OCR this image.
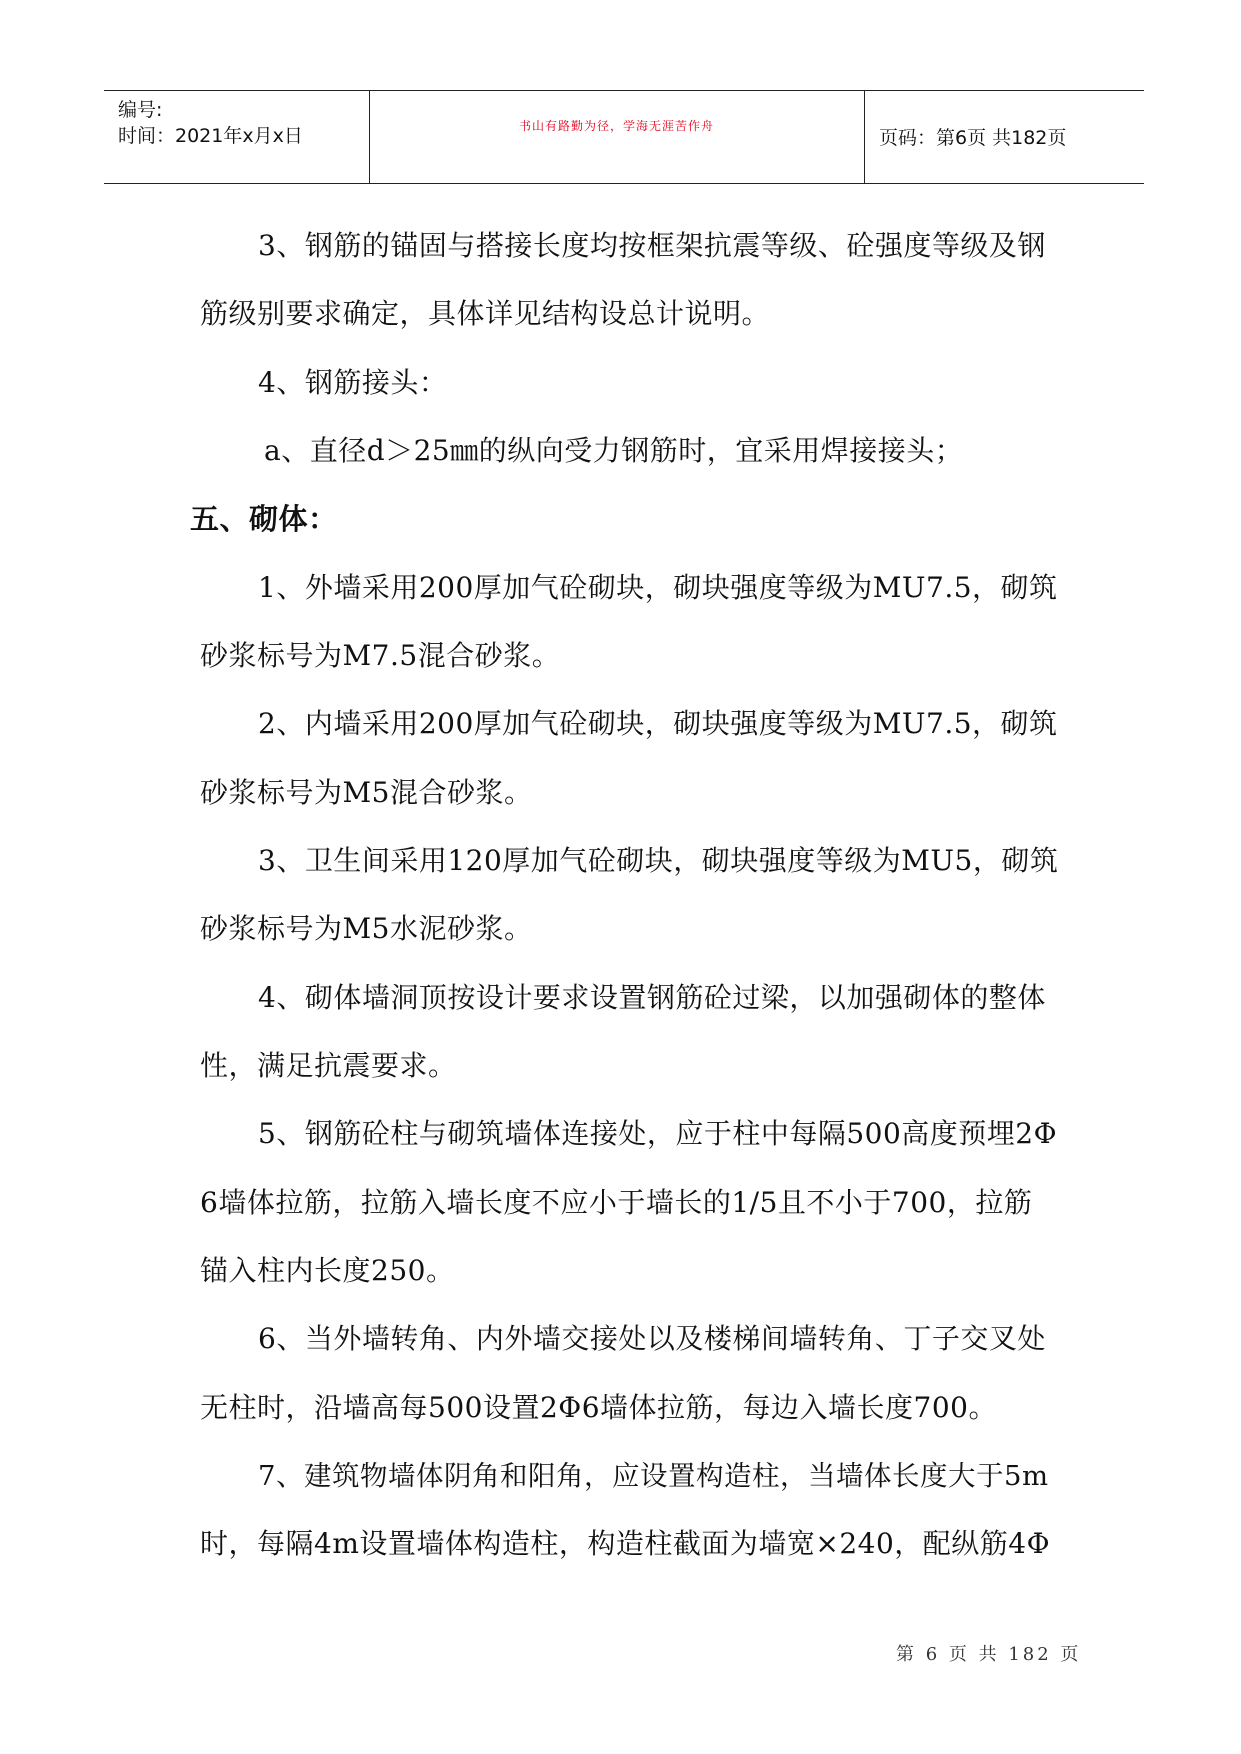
编号:
时间：2021年x月x日	书山有路勤为径，学海无涯苦作舟
页码：第6页 共182页
3、钢筋的锚固与搭接长度均按框架抗震等级、砼强度等级及钢
筋级别要求确定，具体详见结构设总计说明。
4、钢筋接头：
a、直径d＞25㎜的纵向受力钢筋时，宜采用焊接接头；
五、砌体：
1、外墙采用200厚加气砼砌块，砌块强度等级为MU7.5，砌筑
砂浆标号为M7.5混合砂浆。
2、内墙采用200厚加气砼砌块，砌块强度等级为MU7.5，砌筑
砂浆标号为M5混合砂浆。
3、卫生间采用120厚加气砼砌块，砌块强度等级为MU5，砌筑
砂浆标号为M5水泥砂浆。
4、砌体墙洞顶按设计要求设置钢筋砼过梁，以加强砌体的整体
性，满足抗震要求。
5、钢筋砼柱与砌筑墙体连接处，应于柱中每隔500高度预埋2Φ
6墙体拉筋，拉筋入墙长度不应小于墙长的1/5且不小于700，拉筋
锚入柱内长度250。
6、当外墙转角、内外墙交接处以及楼梯间墙转角、丁子交叉处
无柱时，沿墙高每500设置2Φ6墙体拉筋，每边入墙长度700。
7、建筑物墙体阴角和阳角，应设置构造柱，当墙体长度大于5m
时，每隔4m设置墙体构造柱，构造柱截面为墙宽×240，配纵筋4Φ
第 6 页 共 182 页
